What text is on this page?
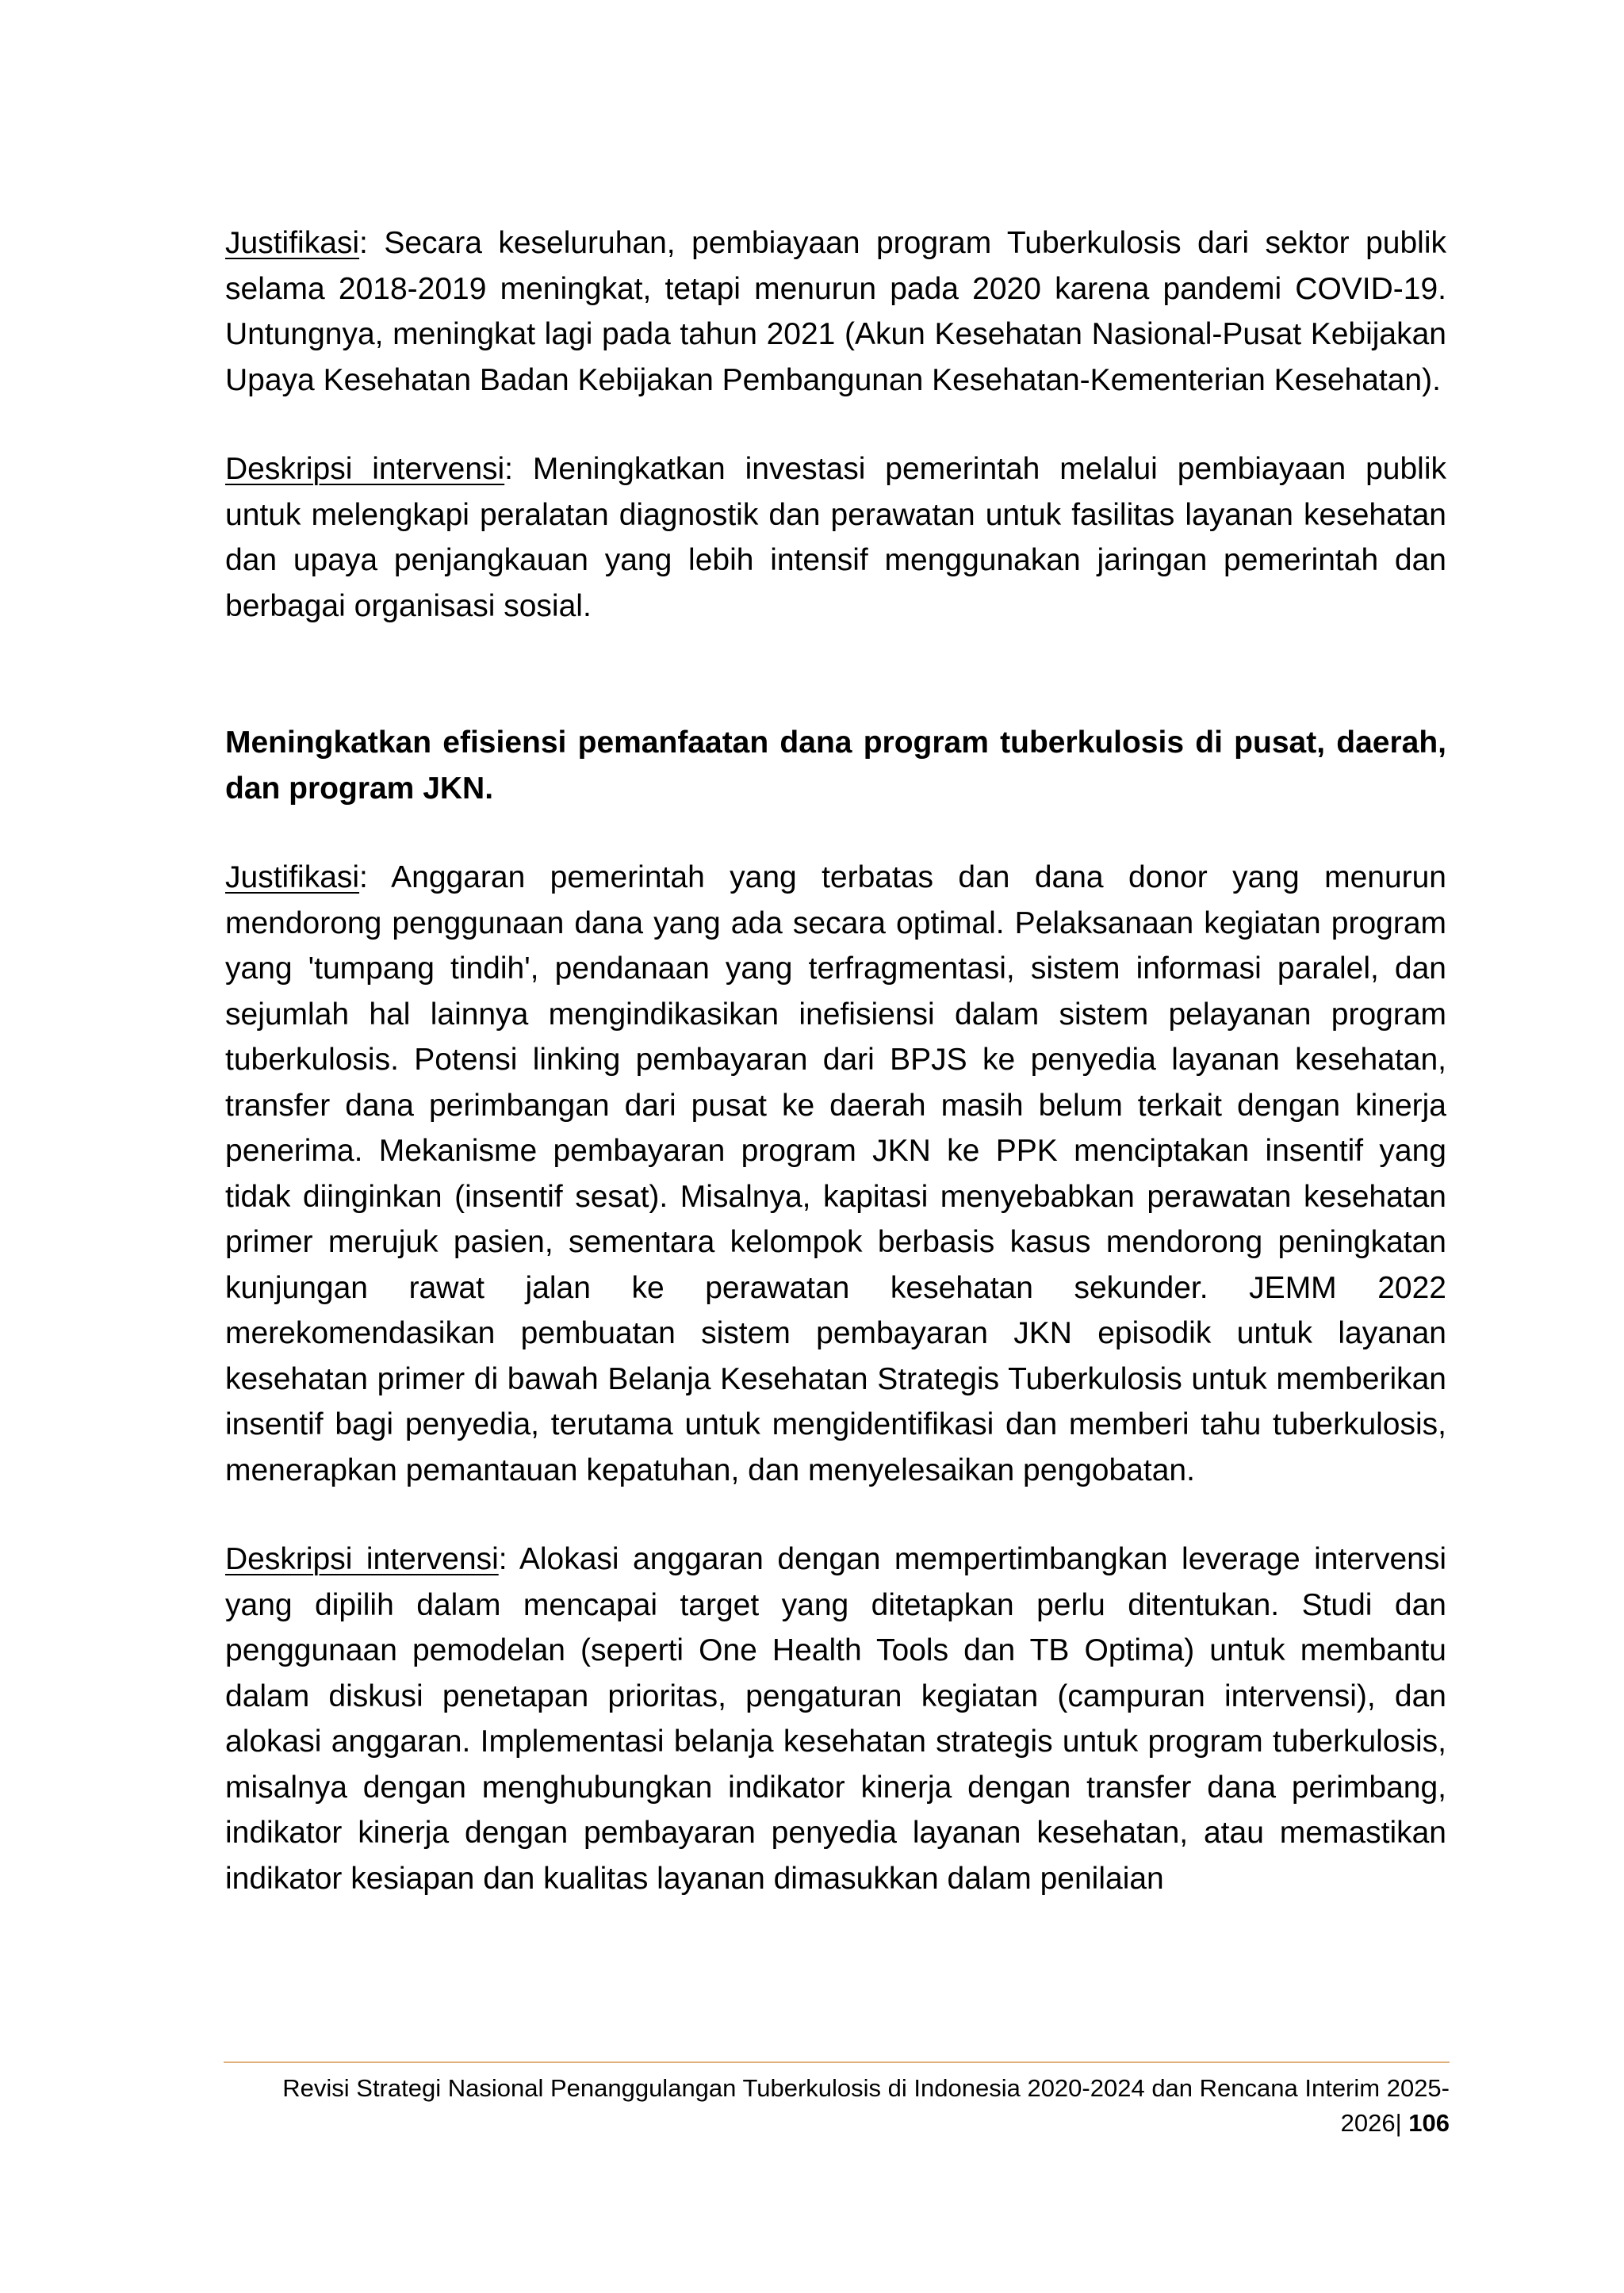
Justifikasi: Secara keseluruhan, pembiayaan program Tuberkulosis dari sektor publik selama 2018-2019 meningkat, tetapi menurun pada 2020 karena pandemi COVID-19. Untungnya, meningkat lagi pada tahun 2021 (Akun Kesehatan Nasional-Pusat Kebijakan Upaya Kesehatan Badan Kebijakan Pembangunan Kesehatan-Kementerian Kesehatan).

Deskripsi intervensi: Meningkatkan investasi pemerintah melalui pembiayaan publik untuk melengkapi peralatan diagnostik dan perawatan untuk fasilitas layanan kesehatan dan upaya penjangkauan yang lebih intensif menggunakan jaringan pemerintah dan berbagai organisasi sosial.

Meningkatkan efisiensi pemanfaatan dana program tuberkulosis di pusat, daerah, dan program JKN.

Justifikasi: Anggaran pemerintah yang terbatas dan dana donor yang menurun mendorong penggunaan dana yang ada secara optimal. Pelaksanaan kegiatan program yang 'tumpang tindih', pendanaan yang terfragmentasi, sistem informasi paralel, dan sejumlah hal lainnya mengindikasikan inefisiensi dalam sistem pelayanan program tuberkulosis. Potensi linking pembayaran dari BPJS ke penyedia layanan kesehatan, transfer dana perimbangan dari pusat ke daerah masih belum terkait dengan kinerja penerima. Mekanisme pembayaran program JKN ke PPK menciptakan insentif yang tidak diinginkan (insentif sesat). Misalnya, kapitasi menyebabkan perawatan kesehatan primer merujuk pasien, sementara kelompok berbasis kasus mendorong peningkatan kunjungan rawat jalan ke perawatan kesehatan sekunder. JEMM 2022 merekomendasikan pembuatan sistem pembayaran JKN episodik untuk layanan kesehatan primer di bawah Belanja Kesehatan Strategis Tuberkulosis untuk memberikan insentif bagi penyedia, terutama untuk mengidentifikasi dan memberi tahu tuberkulosis, menerapkan pemantauan kepatuhan, dan menyelesaikan pengobatan.

Deskripsi intervensi: Alokasi anggaran dengan mempertimbangkan leverage intervensi yang dipilih dalam mencapai target yang ditetapkan perlu ditentukan. Studi dan penggunaan pemodelan (seperti One Health Tools dan TB Optima) untuk membantu dalam diskusi penetapan prioritas, pengaturan kegiatan (campuran intervensi), dan alokasi anggaran. Implementasi belanja kesehatan strategis untuk program tuberkulosis, misalnya dengan menghubungkan indikator kinerja dengan transfer dana perimbang, indikator kinerja dengan pembayaran penyedia layanan kesehatan, atau memastikan indikator kesiapan dan kualitas layanan dimasukkan dalam penilaian

Revisi Strategi Nasional Penanggulangan Tuberkulosis di Indonesia 2020-2024 dan Rencana Interim 2025-2026| 106
